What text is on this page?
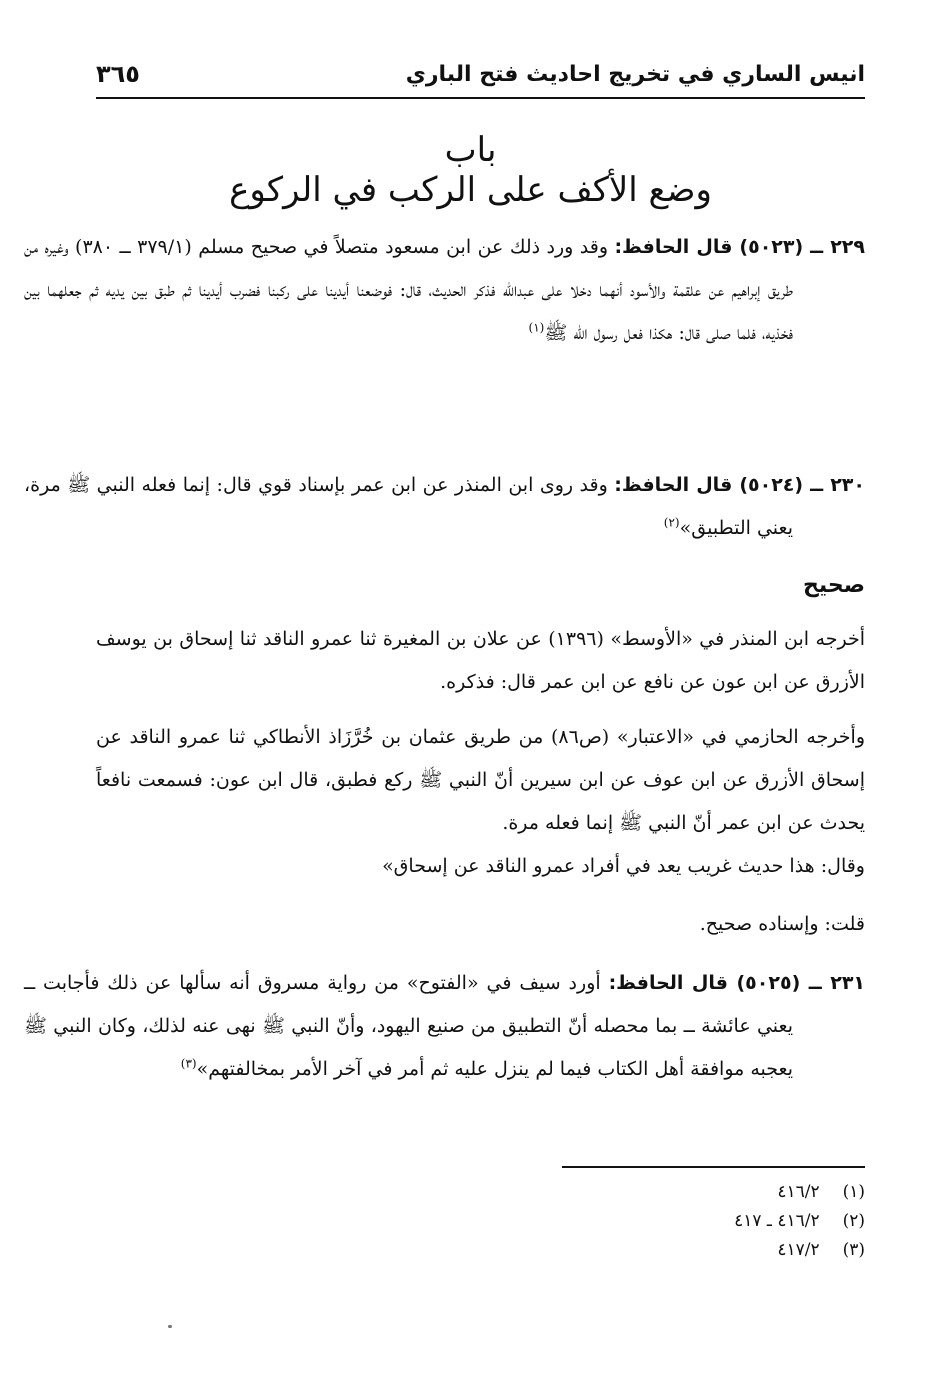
انيس الساري في تخريج احاديث فتح الباري
٣٦٥
باب
وضع الأكف على الركب في الركوع
٢٢٩ ــ (٥٠٢٣) قال الحافظ: وقد ورد ذلك عن ابن مسعود متصلاً في صحيح مسلم (٣٧٩/١ ــ ٣٨٠) وغيره من طريق إبراهيم عن علقمة والأسود أنهما دخلا على عبدالله فذكر الحديث، قال: فوضعنا أيدينا على ركبنا فضرب أيدينا ثم طبق بين يديه ثم جعلهما بين فخذيه، فلما صلى قال: هكذا فعل رسول الله ﷺ$^{(١)}$
٢٣٠ ــ (٥٠٢٤) قال الحافظ: وقد روى ابن المنذر عن ابن عمر بإسناد قوي قال: إنما فعله النبي ﷺ مرة، يعني التطبيق»$^{(٢)}$
صحيح
أخرجه ابن المنذر في «الأوسط» (١٣٩٦) عن علان بن المغيرة ثنا عمرو الناقد ثنا إسحاق بن يوسف الأزرق عن ابن عون عن نافع عن ابن عمر قال: فذكره.
وأخرجه الحازمي في «الاعتبار» (ص٨٦) من طريق عثمان بن خُرَّزَاذ الأنطاكي ثنا عمرو الناقد عن إسحاق الأزرق عن ابن عوف عن ابن سيرين أنّ النبي ﷺ ركع فطبق، قال ابن عون: فسمعت نافعاً يحدث عن ابن عمر أنّ النبي ﷺ إنما فعله مرة.
وقال: هذا حديث غريب يعد في أفراد عمرو الناقد عن إسحاق»
قلت: وإسناده صحيح.
٢٣١ ــ (٥٠٢٥) قال الحافظ: أورد سيف في «الفتوح» من رواية مسروق أنه سألها عن ذلك فأجابت ــ يعني عائشة ــ بما محصله أنّ التطبيق من صنيع اليهود، وأنّ النبي ﷺ نهى عنه لذلك، وكان النبي ﷺ يعجبه موافقة أهل الكتاب فيما لم ينزل عليه ثم أمر في آخر الأمر بمخالفتهم»$^{(٣)}$
(١) ٤١٦/٢
(٢) ٤١٦/٢ ـ ٤١٧
(٣) ٤١٧/٢
